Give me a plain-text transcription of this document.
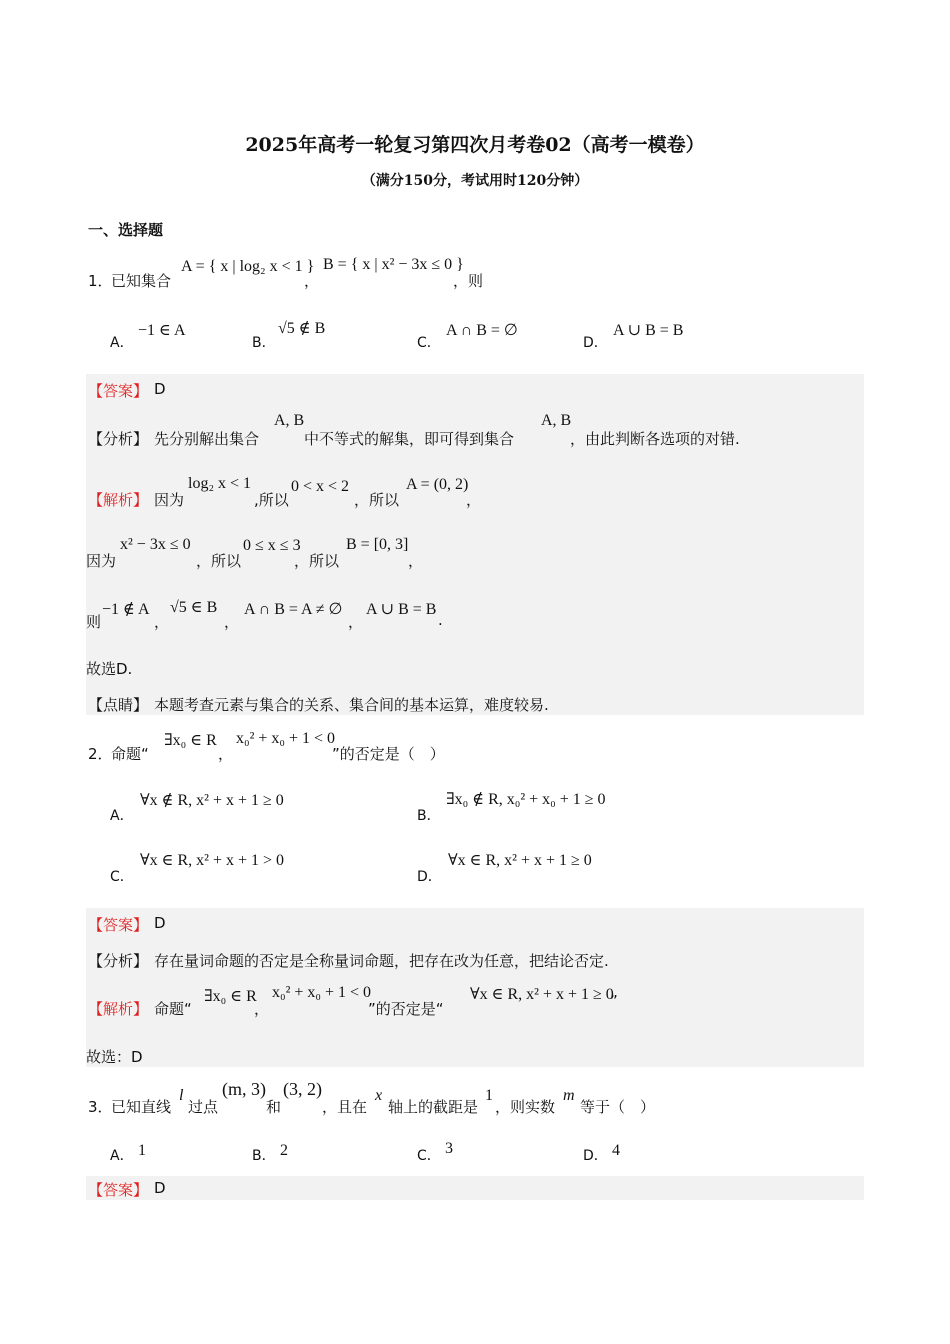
2025年高考一轮复习第四次月考卷02（高考一模卷）
（满分150分，考试用时120分钟）
一、选择题
1．
已知集合
A = { x | log₂ x < 1 }
，
B = { x | x² − 3x ≤ 0 }
，则
A．
−1 ∈ A
B．
√5 ∉ B
C．
A ∩ B = ∅
D．
A ∪ B = B
【答案】 D
【分析】 先分别解出集合
A, B
中不等式的解集，即可得到集合
A, B
，由此判断各选项的对错.
【解析】 因为
log₂ x < 1
,所以
0 < x < 2
，所以
A = (0, 2)
，
因为
x² − 3x ≤ 0
，所以
0 ≤ x ≤ 3
，所以
B = [0, 3]
，
则
−1 ∉ A
，
√5 ∈ B
，
A ∩ B = A ≠ ∅
，
A ∪ B = B
.
故选D.
【点睛】 本题考查元素与集合的关系、集合间的基本运算，难度较易.
2．
命题“
∃x₀ ∈ R
，
x₀² + x₀ + 1 < 0
”的否定是（　）
A．
∀x ∉ R, x² + x + 1 ≥ 0
B．
∃x₀ ∉ R, x₀² + x₀ + 1 ≥ 0
C．
∀x ∈ R, x² + x + 1 > 0
D．
∀x ∈ R, x² + x + 1 ≥ 0
【答案】 D
【分析】 存在量词命题的否定是全称量词命题，把存在改为任意，把结论否定.
【解析】 命题“
∃x₀ ∈ R
，
x₀² + x₀ + 1 < 0
”的否定是“
∀x ∈ R, x² + x + 1 ≥ 0
”
故选：D
3．
已知直线
l
过点
(m, 3)
和
(3, 2)
，且在
x
轴上的截距是
1
，则实数
m
等于（　）
A． 1	B． 2	C． 3	D． 4
【答案】 D
